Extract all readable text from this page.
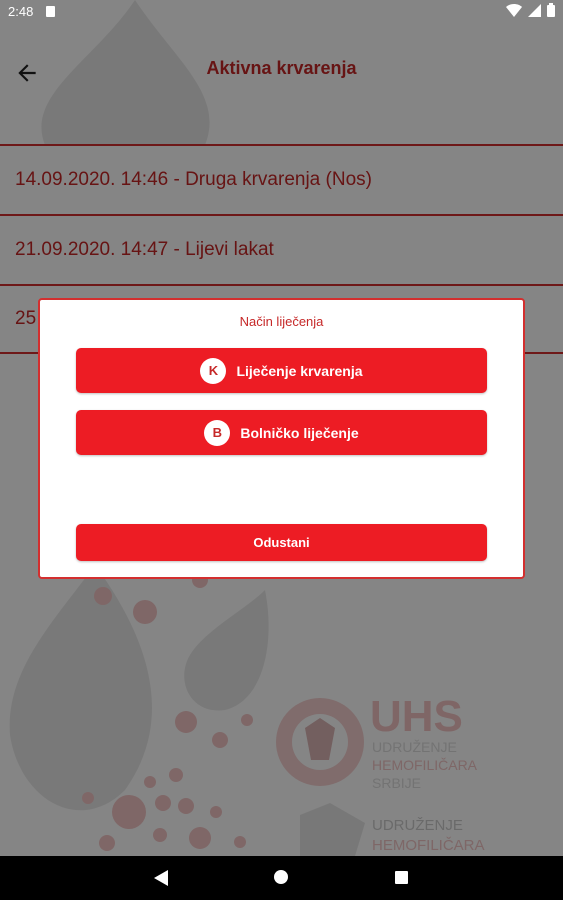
UHS
UDRUŽENJE
HEMOFILIČARA
SRBIJE
UDRUŽENJE
HEMOFILIČARA
Aktivna krvarenja
14.09.2020. 14:46 - Druga krvarenja (Nos)
21.09.2020. 14:47 - Lijevi lakat
25
2:48
Način liječenja
K	Liječenje krvarenja
B	Bolničko liječenje
Odustani
